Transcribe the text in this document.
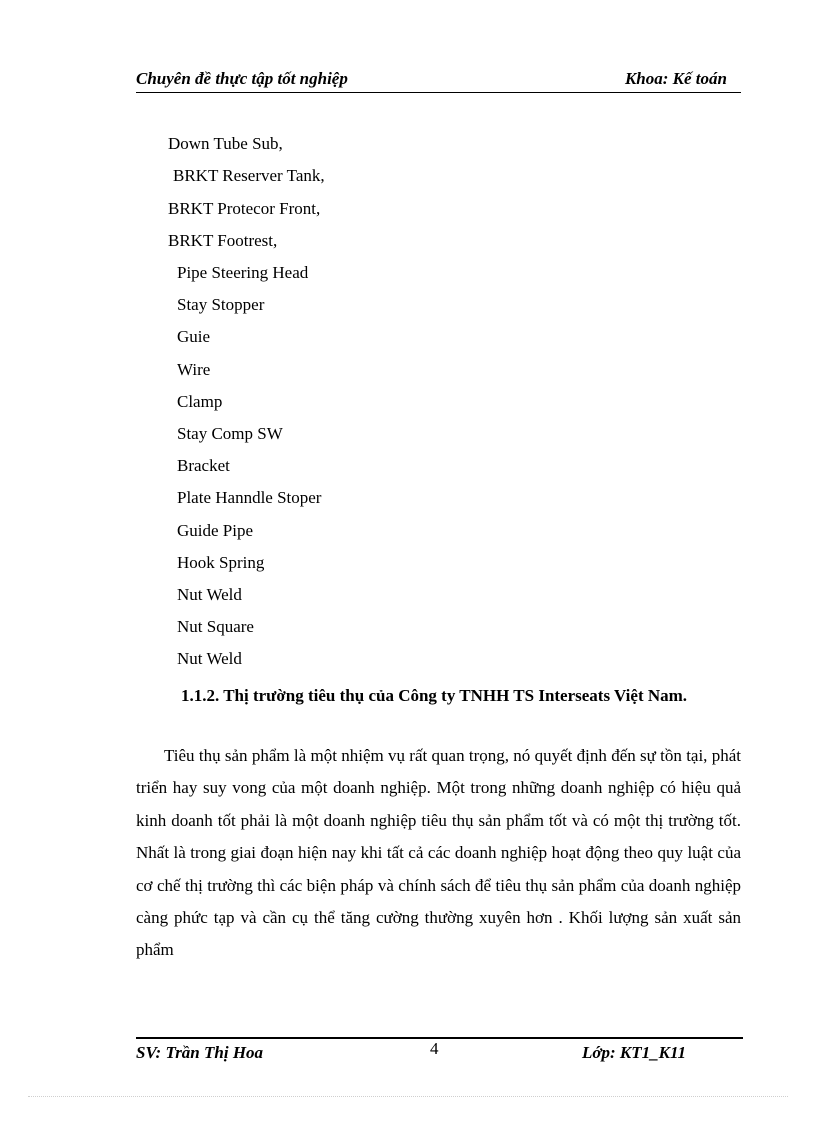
Chuyên đề thực tập tốt nghiệp	Khoa: Kế toán
Down Tube Sub,
BRKT Reserver Tank,
BRKT Protecor Front,
BRKT Footrest,
Pipe Steering Head
Stay Stopper
Guie
Wire
Clamp
Stay Comp SW
Bracket
Plate Hanndle Stoper
Guide Pipe
Hook Spring
Nut Weld
Nut Square
Nut Weld
1.1.2. Thị trường tiêu thụ của Công ty TNHH TS Interseats Việt Nam.
Tiêu thụ sản phẩm là một nhiệm vụ rất quan trọng, nó quyết định đến sự tồn tại, phát triển hay suy vong của một doanh nghiệp. Một trong những doanh nghiệp có hiệu quả kinh doanh tốt phải là một doanh nghiệp tiêu thụ sản phẩm tốt và có một thị trường tốt. Nhất là trong giai đoạn hiện nay khi tất cả các doanh nghiệp hoạt động theo quy luật của cơ chế thị trường thì các biện pháp và chính sách để tiêu thụ sản phẩm của doanh nghiệp càng phức tạp và cần cụ thể tăng cường thường xuyên hơn . Khối lượng sản xuất sản phẩm
SV: Trần Thị Hoa	4	Lớp: KT1_K11
